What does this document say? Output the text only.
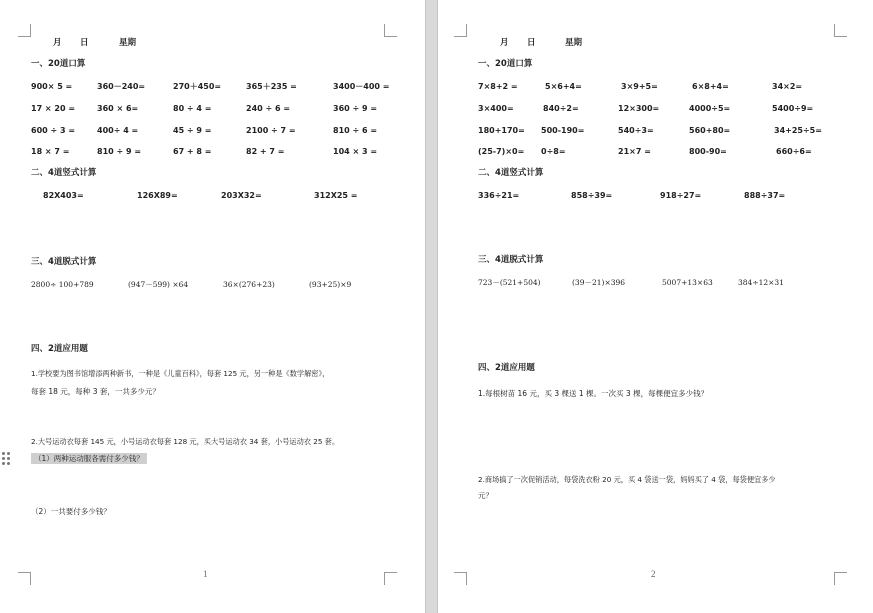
月 日	星期
一、20道口算
900× 5 =	360－240=	270＋450=	365＋235 =	3400－400 =
17 × 20 =	360 × 6=	80 ÷ 4 =	240 ÷ 6 =	360 ÷ 9 =
600 ÷ 3 =	400÷ 4 =	45 ÷ 9 =	2100 ÷ 7 =	810 ÷ 6 =
18 × 7 =	810 ÷ 9 =	67 + 8 =	82 + 7 =	104 × 3 =
二、4道竖式计算
82X403=	126X89=	203X32=	312X25 =
三、4道脱式计算
2800÷ 100+789	(947－599) ×64	36×(276+23)	(93+25)×9
四、2道应用题
1.学校要为图书馆增添两种新书，一种是《儿童百科》，每套 125 元，另一种是《数学解密》，
每套 18 元，每种 3 套，一共多少元？
2.大号运动衣每套 145 元，小号运动衣每套 128 元，买大号运动衣 34 套，小号运动衣 25 套。
（1）两种运动服各需付多少钱？
（2）一共要付多少钱？
1
月 日	星期
一、20道口算
7×8+2 =	5×6+4=	3×9+5=	6×8+4=	34×2=
3×400=	840÷2=	12×300=	4000÷5=	5400÷9=
180+170= 500-190=	540÷3=	560+80=	34+25÷5=
(25-7)×0= 0÷8=	21×7 =	800-90=	660÷6=
二、4道竖式计算
336÷21=	858÷39=	918÷27=	888÷37=
三、4道脱式计算
723－(521+504)	(39－21)×396	5007+13×63	384÷12×31
四、2道应用题
1.每根树苗 16 元，买 3 棵送 1 棵。一次买 3 棵，每棵便宜多少钱？
2.商场搞了一次促销活动，每袋洗衣粉 20 元，买 4 袋送一袋，妈妈买了 4 袋，每袋便宜多少
元？
2
